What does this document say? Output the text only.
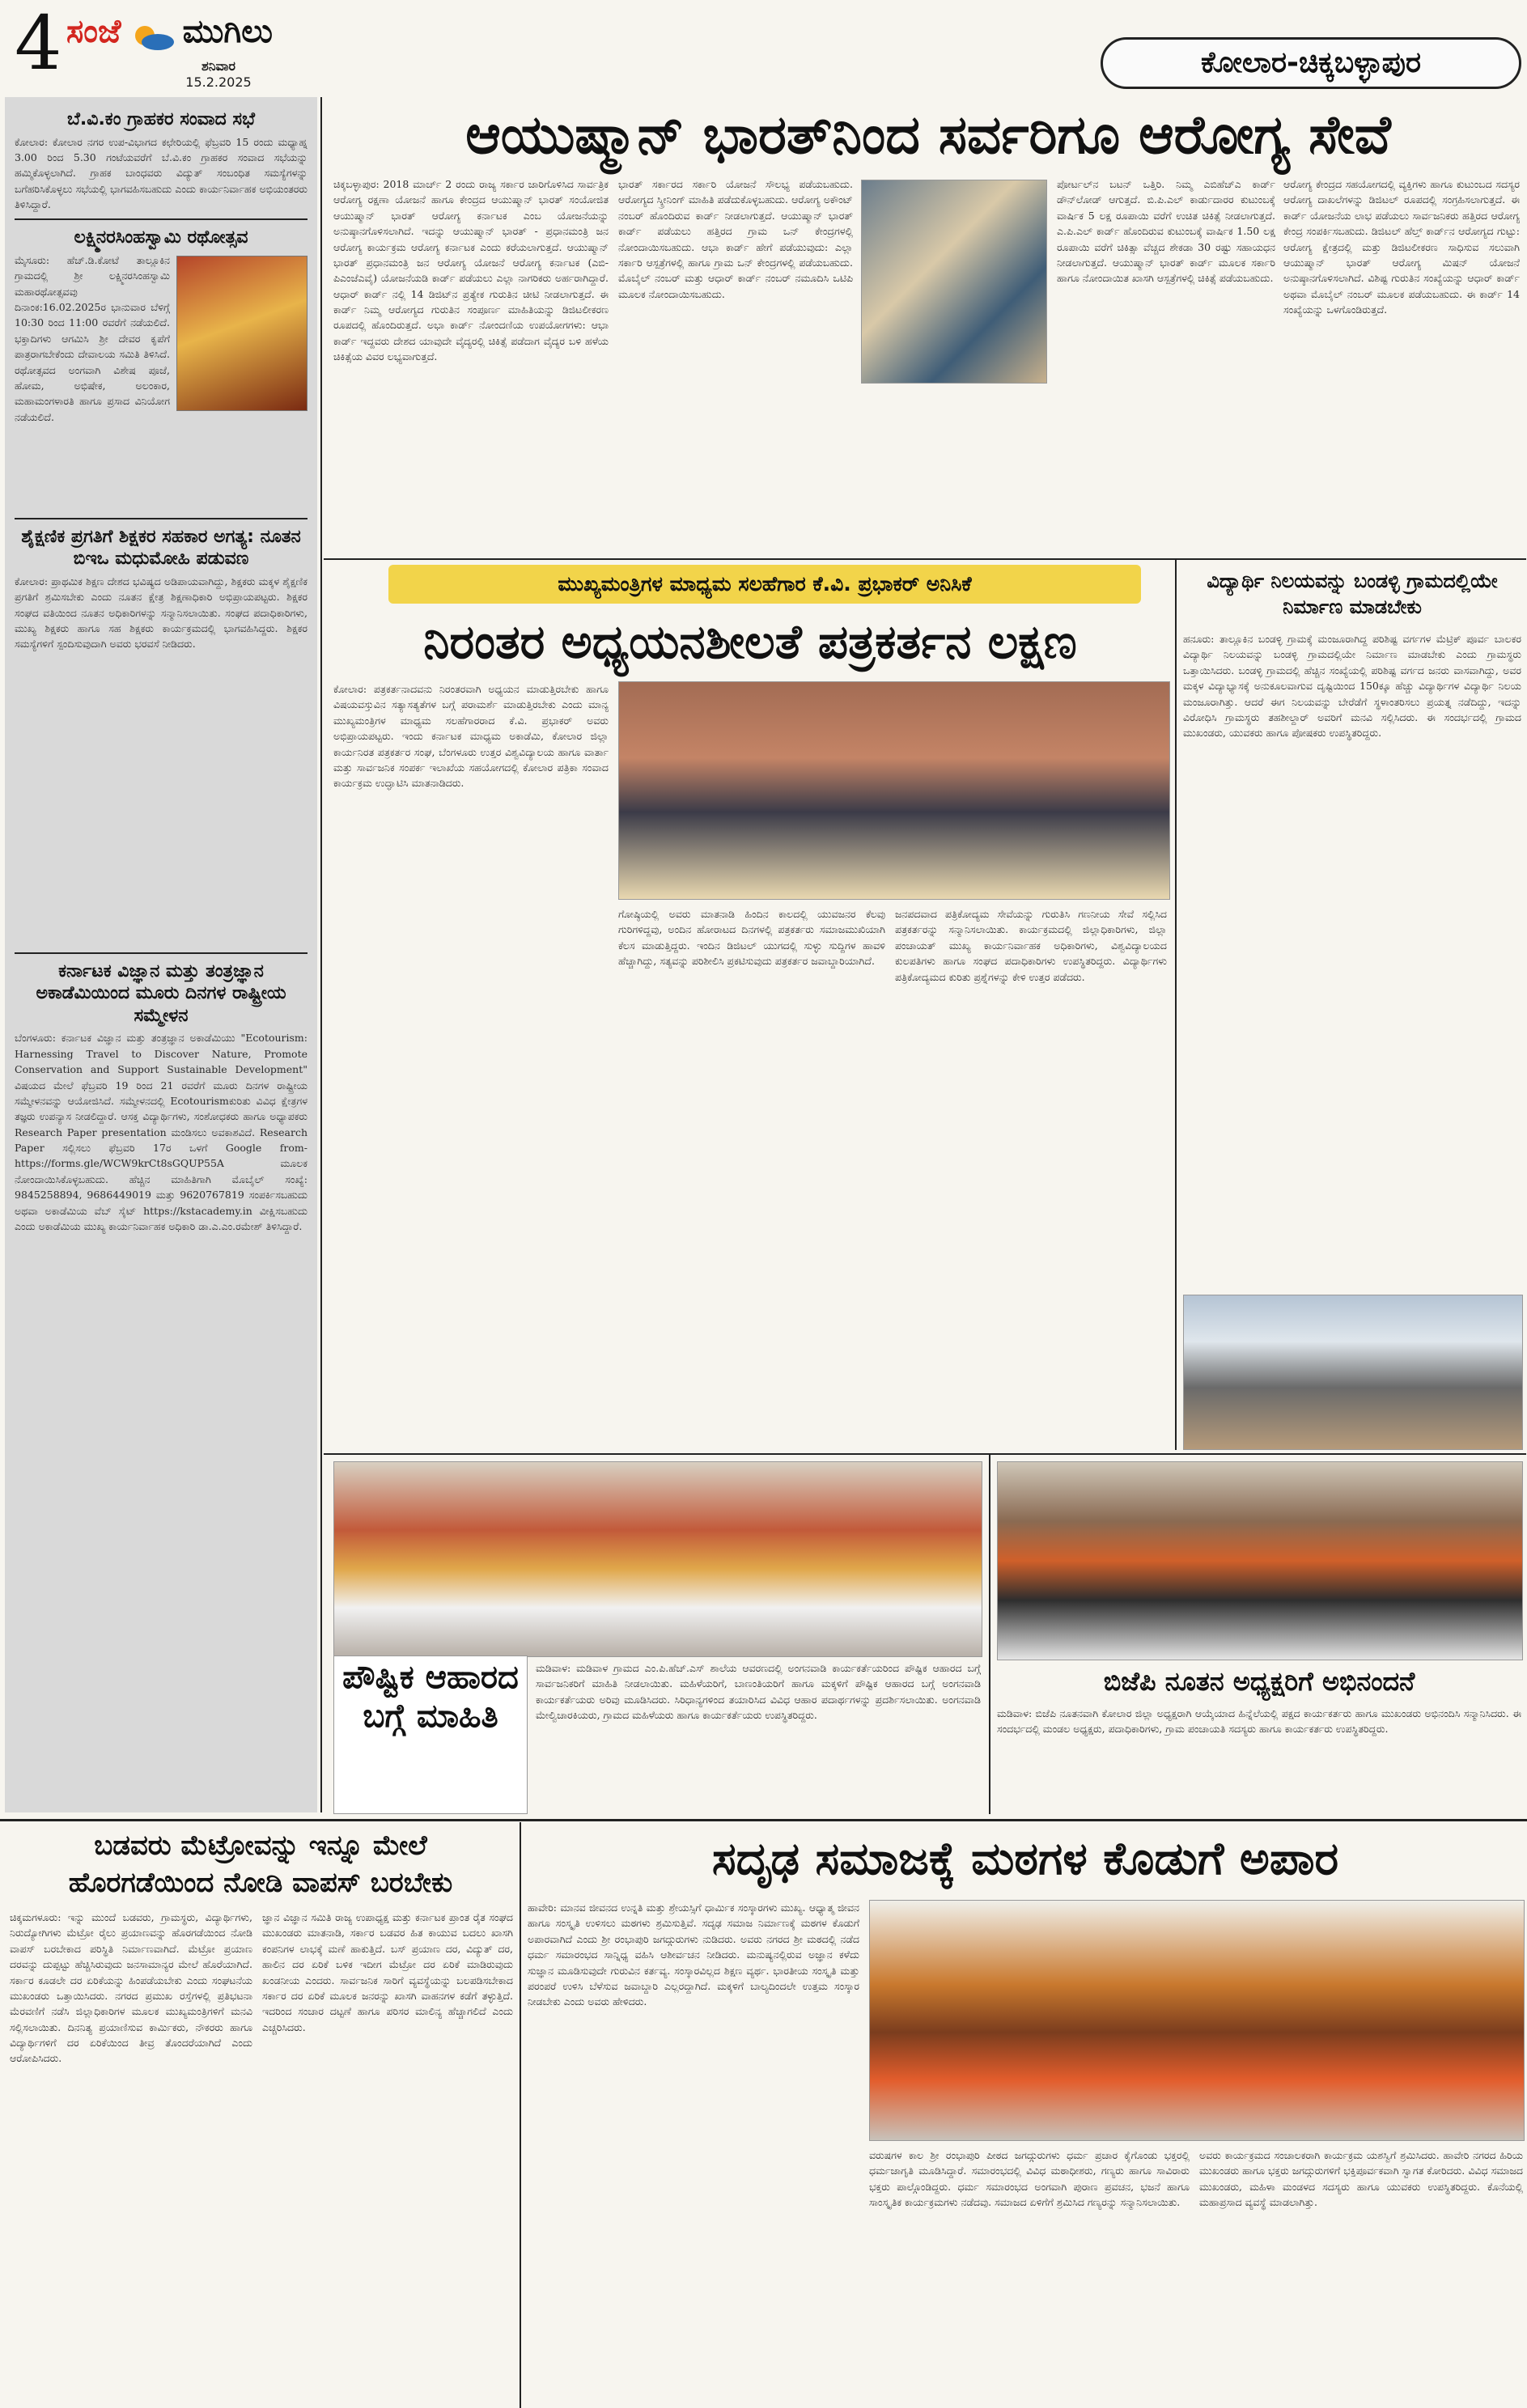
4 ಸಂಜೆ ಮುಗಿಲು
ಶನಿವಾರ
15.2.2025
ಕೋಲಾರ-ಚಿಕ್ಕಬಳ್ಳಾಪುರ
ಬೆ.ವಿ.ಕಂ ಗ್ರಾಹಕರ ಸಂವಾದ ಸಭೆ
ಕೋಲಾರ: ಕೋಲಾರ ನಗರ ಉಪ-ವಿಭಾಗದ ಕಛೇರಿಯಲ್ಲಿ ಫೆಬ್ರವರಿ 15 ರಂದು ಮಧ್ಯಾಹ್ನ 3.00 ರಿಂದ 5.30 ಗಂಟೆಯವರೆಗೆ ಬೆ.ವಿ.ಕಂ ಗ್ರಾಹಕರ ಸಂವಾದ ಸಭೆಯನ್ನು ಹಮ್ಮಿಕೊಳ್ಳಲಾಗಿದೆ. ಗ್ರಾಹಕ ಬಾಂಧವರು ವಿದ್ಯುತ್ ಸಂಬಂಧಿತ ಸಮಸ್ಯೆಗಳನ್ನು ಬಗೆಹರಿಸಿಕೊಳ್ಳಲು ಸಭೆಯಲ್ಲಿ ಭಾಗವಹಿಸಬಹುದು ಎಂದು ಕಾರ್ಯನಿರ್ವಾಹಕ ಅಭಿಯಂತರರು ತಿಳಿಸಿದ್ದಾರೆ.
ಲಕ್ಷ್ಮಿನರಸಿಂಹಸ್ವಾಮಿ ರಥೋತ್ಸವ
ಮೈಸೂರು: ಹೆಚ್.ಡಿ.ಕೋಟೆ ತಾಲ್ಲೂಕಿನ ಗ್ರಾಮದಲ್ಲಿ ಶ್ರೀ ಲಕ್ಷ್ಮಿನರಸಿಂಹಸ್ವಾಮಿ ಮಹಾರಥೋತ್ಸವವು ದಿನಾಂಕ:16.02.2025ರ ಭಾನುವಾರ ಬೆಳಿಗ್ಗೆ 10:30 ರಿಂದ 11:00 ರವರೆಗೆ ನಡೆಯಲಿದೆ. ಭಕ್ತಾದಿಗಳು ಆಗಮಿಸಿ ಶ್ರೀ ದೇವರ ಕೃಪೆಗೆ ಪಾತ್ರರಾಗಬೇಕೆಂದು ದೇವಾಲಯ ಸಮಿತಿ ತಿಳಿಸಿದೆ. ರಥೋತ್ಸವದ ಅಂಗವಾಗಿ ವಿಶೇಷ ಪೂಜೆ, ಹೋಮ, ಅಭಿಷೇಕ, ಅಲಂಕಾರ, ಮಹಾಮಂಗಳಾರತಿ ಹಾಗೂ ಪ್ರಸಾದ ವಿನಿಯೋಗ ನಡೆಯಲಿದೆ.
ಶೈಕ್ಷಣಿಕ ಪ್ರಗತಿಗೆ ಶಿಕ್ಷಕರ ಸಹಕಾರ ಅಗತ್ಯ: ನೂತನ ಬಿಇಒ ಮಧುಮೋಹಿ ಪಡುವಣ
ಕೋಲಾರ: ಪ್ರಾಥಮಿಕ ಶಿಕ್ಷಣ ದೇಶದ ಭವಿಷ್ಯದ ಅಡಿಪಾಯವಾಗಿದ್ದು, ಶಿಕ್ಷಕರು ಮಕ್ಕಳ ಶೈಕ್ಷಣಿಕ ಪ್ರಗತಿಗೆ ಶ್ರಮಿಸಬೇಕು ಎಂದು ನೂತನ ಕ್ಷೇತ್ರ ಶಿಕ್ಷಣಾಧಿಕಾರಿ ಅಭಿಪ್ರಾಯಪಟ್ಟರು. ಶಿಕ್ಷಕರ ಸಂಘದ ವತಿಯಿಂದ ನೂತನ ಅಧಿಕಾರಿಗಳನ್ನು ಸನ್ಮಾನಿಸಲಾಯಿತು. ಸಂಘದ ಪದಾಧಿಕಾರಿಗಳು, ಮುಖ್ಯ ಶಿಕ್ಷಕರು ಹಾಗೂ ಸಹ ಶಿಕ್ಷಕರು ಕಾರ್ಯಕ್ರಮದಲ್ಲಿ ಭಾಗವಹಿಸಿದ್ದರು. ಶಿಕ್ಷಕರ ಸಮಸ್ಯೆಗಳಿಗೆ ಸ್ಪಂದಿಸುವುದಾಗಿ ಅವರು ಭರವಸೆ ನೀಡಿದರು.
ಕರ್ನಾಟಕ ವಿಜ್ಞಾನ ಮತ್ತು ತಂತ್ರಜ್ಞಾನ ಅಕಾಡೆಮಿಯಿಂದ ಮೂರು ದಿನಗಳ ರಾಷ್ಟ್ರೀಯ ಸಮ್ಮೇಳನ
ಬೆಂಗಳೂರು: ಕರ್ನಾಟಕ ವಿಜ್ಞಾನ ಮತ್ತು ತಂತ್ರಜ್ಞಾನ ಅಕಾಡೆಮಿಯು "Ecotourism: Harnessing Travel to Discover Nature, Promote Conservation and Support Sustainable Development" ವಿಷಯದ ಮೇಲೆ ಫೆಬ್ರವರಿ 19 ರಿಂದ 21 ರವರೆಗೆ ಮೂರು ದಿನಗಳ ರಾಷ್ಟ್ರೀಯ ಸಮ್ಮೇಳನವನ್ನು ಆಯೋಜಿಸಿದೆ. ಸಮ್ಮೇಳನದಲ್ಲಿ Ecotourismಕುರಿತು ವಿವಿಧ ಕ್ಷೇತ್ರಗಳ ತಜ್ಞರು ಉಪನ್ಯಾಸ ನೀಡಲಿದ್ದಾರೆ. ಆಸಕ್ತ ವಿದ್ಯಾರ್ಥಿಗಳು, ಸಂಶೋಧಕರು ಹಾಗೂ ಅಧ್ಯಾಪಕರು Research Paper presentation ಮಂಡಿಸಲು ಅವಕಾಶವಿದೆ. Research Paper ಸಲ್ಲಿಸಲು ಫೆಬ್ರವರಿ 17ರ ಒಳಗೆ Google from- https://forms.gle/WCW9krCt8sGQUP55A ಮೂಲಕ ನೋಂದಾಯಿಸಿಕೊಳ್ಳಬಹುದು. ಹೆಚ್ಚಿನ ಮಾಹಿತಿಗಾಗಿ ಮೊಬೈಲ್ ಸಂಖ್ಯೆ: 9845258894, 9686449019 ಮತ್ತು 9620767819 ಸಂಪರ್ಕಿಸಬಹುದು ಅಥವಾ ಅಕಾಡೆಮಿಯ ವೆಬ್ ಸೈಟ್ https://kstacademy.in ವೀಕ್ಷಿಸಬಹುದು ಎಂದು ಅಕಾಡೆಮಿಯ ಮುಖ್ಯ ಕಾರ್ಯನಿರ್ವಾಹಕ ಅಧಿಕಾರಿ ಡಾ.ಎ.ಎಂ.ರಮೇಶ್ ತಿಳಿಸಿದ್ದಾರೆ.
ಆಯುಷ್ಮಾನ್ ಭಾರತ್‌ನಿಂದ ಸರ್ವರಿಗೂ ಆರೋಗ್ಯ ಸೇವೆ
ಚಿಕ್ಕಬಳ್ಳಾಪುರ: 2018 ಮಾರ್ಚ್ 2 ರಂದು ರಾಜ್ಯ ಸರ್ಕಾರ ಜಾರಿಗೊಳಿಸಿದ ಸಾರ್ವತ್ರಿಕ ಆರೋಗ್ಯ ರಕ್ಷಣಾ ಯೋಜನೆ ಹಾಗೂ ಕೇಂದ್ರದ ಆಯುಷ್ಮಾನ್ ಭಾರತ್ ಸಂಯೋಜಿತ ಆಯುಷ್ಮಾನ್ ಭಾರತ್ ಆರೋಗ್ಯ ಕರ್ನಾಟಕ ಎಂಬ ಯೋಜನೆಯನ್ನು ಅನುಷ್ಠಾನಗೊಳಿಸಲಾಗಿದೆ. ಇದನ್ನು ಆಯುಷ್ಮಾನ್ ಭಾರತ್ - ಪ್ರಧಾನಮಂತ್ರಿ ಜನ ಆರೋಗ್ಯ ಕಾರ್ಯಕ್ರಮ ಆರೋಗ್ಯ ಕರ್ನಾಟಕ ಎಂದು ಕರೆಯಲಾಗುತ್ತದೆ. ಆಯುಷ್ಮಾನ್ ಭಾರತ್ ಪ್ರಧಾನಮಂತ್ರಿ ಜನ ಆರೋಗ್ಯ ಯೋಜನೆ ಆರೋಗ್ಯ ಕರ್ನಾಟಕ (ಎಬಿ-ಪಿಎಂಜೆಎವೈ) ಯೋಜನೆಯಡಿ ಕಾರ್ಡ್ ಪಡೆಯಲು ಎಲ್ಲಾ ನಾಗರಿಕರು ಅರ್ಹರಾಗಿದ್ದಾರೆ. ಆಧಾರ್ ಕಾರ್ಡ್ ನಲ್ಲಿ 14 ಡಿಜಿಟ್‌ನ ಪ್ರತ್ಯೇಕ ಗುರುತಿನ ಚೀಟಿ ನೀಡಲಾಗುತ್ತದೆ. ಈ ಕಾರ್ಡ್ ನಿಮ್ಮ ಆರೋಗ್ಯದ ಗುರುತಿನ ಸಂಪೂರ್ಣ ಮಾಹಿತಿಯನ್ನು ಡಿಜಿಟಲೀಕರಣ ರೂಪದಲ್ಲಿ ಹೊಂದಿರುತ್ತದೆ. ಅಭಾ ಕಾರ್ಡ್ ನೋಂದಣಿಯ ಉಪಯೋಗಗಳು: ಆಭಾ ಕಾರ್ಡ್ ಇದ್ದವರು ದೇಶದ ಯಾವುದೇ ವೈದ್ಯರಲ್ಲಿ ಚಿಕಿತ್ಸೆ ಪಡೆದಾಗ ವೈದ್ಯರ ಬಳಿ ಹಳೆಯ ಚಿಕಿತ್ಸೆಯ ವಿವರ ಲಭ್ಯವಾಗುತ್ತದೆ.
ಭಾರತ್ ಸರ್ಕಾರದ ಸರ್ಕಾರಿ ಯೋಜನೆ ಸೌಲಭ್ಯ ಪಡೆಯಬಹುದು. ಆರೋಗ್ಯದ ಸ್ಕ್ರೀನಿಂಗ್ ಮಾಹಿತಿ ಪಡೆದುಕೊಳ್ಳಬಹುದು. ಆರೋಗ್ಯ ಅಕೌಂಟ್ ನಂಬರ್ ಹೊಂದಿರುವ ಕಾರ್ಡ್ ನೀಡಲಾಗುತ್ತದೆ. ಆಯುಷ್ಮಾನ್ ಭಾರತ್ ಕಾರ್ಡ್ ಪಡೆಯಲು ಹತ್ತಿರದ ಗ್ರಾಮ ಒನ್ ಕೇಂದ್ರಗಳಲ್ಲಿ ನೋಂದಾಯಿಸಬಹುದು. ಆಭಾ ಕಾರ್ಡ್ ಹೇಗೆ ಪಡೆಯುವುದು: ಎಲ್ಲಾ ಸರ್ಕಾರಿ ಆಸ್ಪತ್ರೆಗಳಲ್ಲಿ ಹಾಗೂ ಗ್ರಾಮ ಒನ್ ಕೇಂದ್ರಗಳಲ್ಲಿ ಪಡೆಯಬಹುದು. ಮೊಬೈಲ್ ನಂಬರ್ ಮತ್ತು ಆಧಾರ್ ಕಾರ್ಡ್ ನಂಬರ್ ನಮೂದಿಸಿ ಒಟಿಪಿ ಮೂಲಕ ನೋಂದಾಯಿಸಬಹುದು.
ಪೋರ್ಟಲ್‌ನ ಬಟನ್ ಒತ್ತಿರಿ. ನಿಮ್ಮ ಎಬಿಹೆಚ್ಎ ಕಾರ್ಡ್ ಡೌನ್‌ಲೋಡ್ ಆಗುತ್ತದೆ. ಬಿ.ಪಿ.ಎಲ್ ಕಾರ್ಡುದಾರರ ಕುಟುಂಬಕ್ಕೆ ವಾರ್ಷಿಕ 5 ಲಕ್ಷ ರೂಪಾಯಿ ವರೆಗೆ ಉಚಿತ ಚಿಕಿತ್ಸೆ ನೀಡಲಾಗುತ್ತದೆ. ಎ.ಪಿ.ಎಲ್ ಕಾರ್ಡ್ ಹೊಂದಿರುವ ಕುಟುಂಬಕ್ಕೆ ವಾರ್ಷಿಕ 1.50 ಲಕ್ಷ ರೂಪಾಯಿ ವರೆಗೆ ಚಿಕಿತ್ಸಾ ವೆಚ್ಚದ ಶೇಕಡಾ 30 ರಷ್ಟು ಸಹಾಯಧನ ನೀಡಲಾಗುತ್ತದೆ. ಆಯುಷ್ಮಾನ್ ಭಾರತ್ ಕಾರ್ಡ್ ಮೂಲಕ ಸರ್ಕಾರಿ ಹಾಗೂ ನೋಂದಾಯಿತ ಖಾಸಗಿ ಆಸ್ಪತ್ರೆಗಳಲ್ಲಿ ಚಿಕಿತ್ಸೆ ಪಡೆಯಬಹುದು.
ಆರೋಗ್ಯ ಕೇಂದ್ರದ ಸಹಯೋಗದಲ್ಲಿ ವ್ಯಕ್ತಿಗಳು ಹಾಗೂ ಕುಟುಂಬದ ಸದಸ್ಯರ ಆರೋಗ್ಯ ದಾಖಲೆಗಳನ್ನು ಡಿಜಿಟಲ್ ರೂಪದಲ್ಲಿ ಸಂಗ್ರಹಿಸಲಾಗುತ್ತದೆ. ಈ ಕಾರ್ಡ್ ಯೋಜನೆಯ ಲಾಭ ಪಡೆಯಲು ಸಾರ್ವಜನಿಕರು ಹತ್ತಿರದ ಆರೋಗ್ಯ ಕೇಂದ್ರ ಸಂಪರ್ಕಿಸಬಹುದು. ಡಿಜಿಟಲ್ ಹೆಲ್ತ್ ಕಾರ್ಡ್‌ನ ಆರೋಗ್ಯದ ಗುಟ್ಟು: ಆರೋಗ್ಯ ಕ್ಷೇತ್ರದಲ್ಲಿ ಮತ್ತು ಡಿಜಿಟಲೀಕರಣ ಸಾಧಿಸುವ ಸಲುವಾಗಿ ಆಯುಷ್ಮಾನ್ ಭಾರತ್ ಆರೋಗ್ಯ ಮಿಷನ್ ಯೋಜನೆ ಅನುಷ್ಠಾನಗೊಳಿಸಲಾಗಿದೆ. ವಿಶಿಷ್ಟ ಗುರುತಿನ ಸಂಖ್ಯೆಯನ್ನು ಆಧಾರ್ ಕಾರ್ಡ್ ಅಥವಾ ಮೊಬೈಲ್ ನಂಬರ್ ಮೂಲಕ ಪಡೆಯಬಹುದು. ಈ ಕಾರ್ಡ್ 14 ಸಂಖ್ಯೆಯನ್ನು ಒಳಗೊಂಡಿರುತ್ತದೆ.
ಮುಖ್ಯಮಂತ್ರಿಗಳ ಮಾಧ್ಯಮ ಸಲಹೆಗಾರ ಕೆ.ವಿ. ಪ್ರಭಾಕರ್ ಅನಿಸಿಕೆ
ನಿರಂತರ ಅಧ್ಯಯನಶೀಲತೆ ಪತ್ರಕರ್ತನ ಲಕ್ಷಣ
ಕೋಲಾರ: ಪತ್ರಕರ್ತನಾದವನು ನಿರಂತರವಾಗಿ ಅಧ್ಯಯನ ಮಾಡುತ್ತಿರಬೇಕು ಹಾಗೂ ವಿಷಯವಸ್ತುವಿನ ಸತ್ಯಾಸತ್ಯತೆಗಳ ಬಗ್ಗೆ ಪರಾಮರ್ಶೆ ಮಾಡುತ್ತಿರಬೇಕು ಎಂದು ಮಾನ್ಯ ಮುಖ್ಯಮಂತ್ರಿಗಳ ಮಾಧ್ಯಮ ಸಲಹೆಗಾರರಾದ ಕೆ.ವಿ. ಪ್ರಭಾಕರ್ ಅವರು ಅಭಿಪ್ರಾಯಪಟ್ಟರು. ಇಂದು ಕರ್ನಾಟಕ ಮಾಧ್ಯಮ ಅಕಾಡೆಮಿ, ಕೋಲಾರ ಜಿಲ್ಲಾ ಕಾರ್ಯನಿರತ ಪತ್ರಕರ್ತರ ಸಂಘ, ಬೆಂಗಳೂರು ಉತ್ತರ ವಿಶ್ವವಿದ್ಯಾಲಯ ಹಾಗೂ ವಾರ್ತಾ ಮತ್ತು ಸಾರ್ವಜನಿಕ ಸಂಪರ್ಕ ಇಲಾಖೆಯ ಸಹಯೋಗದಲ್ಲಿ ಕೋಲಾರ ಪತ್ರಿಕಾ ಸಂವಾದ ಕಾರ್ಯಕ್ರಮ ಉದ್ಘಾಟಿಸಿ ಮಾತನಾಡಿದರು.
ಗೋಷ್ಠಿಯಲ್ಲಿ ಅವರು ಮಾತನಾಡಿ ಹಿಂದಿನ ಕಾಲದಲ್ಲಿ ಯುವಜನರ ಕೆಲವು ಗುರಿಗಳಿದ್ದವು, ಅಂದಿನ ಹೋರಾಟದ ದಿನಗಳಲ್ಲಿ ಪತ್ರಕರ್ತರು ಸಮಾಜಮುಖಿಯಾಗಿ ಕೆಲಸ ಮಾಡುತ್ತಿದ್ದರು. ಇಂದಿನ ಡಿಜಿಟಲ್ ಯುಗದಲ್ಲಿ ಸುಳ್ಳು ಸುದ್ದಿಗಳ ಹಾವಳಿ ಹೆಚ್ಚಾಗಿದ್ದು, ಸತ್ಯವನ್ನು ಪರಿಶೀಲಿಸಿ ಪ್ರಕಟಿಸುವುದು ಪತ್ರಕರ್ತರ ಜವಾಬ್ದಾರಿಯಾಗಿದೆ.
ಜನಪದವಾದ ಪತ್ರಿಕೋದ್ಯಮ ಸೇವೆಯನ್ನು ಗುರುತಿಸಿ ಗಣನೀಯ ಸೇವೆ ಸಲ್ಲಿಸಿದ ಪತ್ರಕರ್ತರನ್ನು ಸನ್ಮಾನಿಸಲಾಯಿತು. ಕಾರ್ಯಕ್ರಮದಲ್ಲಿ ಜಿಲ್ಲಾಧಿಕಾರಿಗಳು, ಜಿಲ್ಲಾ ಪಂಚಾಯತ್ ಮುಖ್ಯ ಕಾರ್ಯನಿರ್ವಾಹಕ ಅಧಿಕಾರಿಗಳು, ವಿಶ್ವವಿದ್ಯಾಲಯದ ಕುಲಪತಿಗಳು ಹಾಗೂ ಸಂಘದ ಪದಾಧಿಕಾರಿಗಳು ಉಪಸ್ಥಿತರಿದ್ದರು. ವಿದ್ಯಾರ್ಥಿಗಳು ಪತ್ರಿಕೋದ್ಯಮದ ಕುರಿತು ಪ್ರಶ್ನೆಗಳನ್ನು ಕೇಳಿ ಉತ್ತರ ಪಡೆದರು.
ವಿದ್ಯಾರ್ಥಿ ನಿಲಯವನ್ನು ಬಂಡಳ್ಳಿ ಗ್ರಾಮದಲ್ಲಿಯೇ ನಿರ್ಮಾಣ ಮಾಡಬೇಕು
ಹನೂರು: ತಾಲ್ಲೂಕಿನ ಬಂಡಳ್ಳಿ ಗ್ರಾಮಕ್ಕೆ ಮಂಜೂರಾಗಿದ್ದ ಪರಿಶಿಷ್ಟ ವರ್ಗಗಳ ಮೆಟ್ರಿಕ್ ಪೂರ್ವ ಬಾಲಕರ ವಿದ್ಯಾರ್ಥಿ ನಿಲಯವನ್ನು ಬಂಡಳ್ಳಿ ಗ್ರಾಮದಲ್ಲಿಯೇ ನಿರ್ಮಾಣ ಮಾಡಬೇಕು ಎಂದು ಗ್ರಾಮಸ್ಥರು ಒತ್ತಾಯಿಸಿದರು. ಬಂಡಳ್ಳಿ ಗ್ರಾಮದಲ್ಲಿ ಹೆಚ್ಚಿನ ಸಂಖ್ಯೆಯಲ್ಲಿ ಪರಿಶಿಷ್ಟ ವರ್ಗದ ಜನರು ವಾಸವಾಗಿದ್ದು, ಅವರ ಮಕ್ಕಳ ವಿದ್ಯಾಭ್ಯಾಸಕ್ಕೆ ಅನುಕೂಲವಾಗುವ ದೃಷ್ಟಿಯಿಂದ 150ಕ್ಕೂ ಹೆಚ್ಚು ವಿದ್ಯಾರ್ಥಿಗಳ ವಿದ್ಯಾರ್ಥಿ ನಿಲಯ ಮಂಜೂರಾಗಿತ್ತು. ಆದರೆ ಈಗ ನಿಲಯವನ್ನು ಬೇರೆಡೆಗೆ ಸ್ಥಳಾಂತರಿಸಲು ಪ್ರಯತ್ನ ನಡೆದಿದ್ದು, ಇದನ್ನು ವಿರೋಧಿಸಿ ಗ್ರಾಮಸ್ಥರು ತಹಶೀಲ್ದಾರ್ ಅವರಿಗೆ ಮನವಿ ಸಲ್ಲಿಸಿದರು. ಈ ಸಂದರ್ಭದಲ್ಲಿ ಗ್ರಾಮದ ಮುಖಂಡರು, ಯುವಕರು ಹಾಗೂ ಪೋಷಕರು ಉಪಸ್ಥಿತರಿದ್ದರು.
ಪೌಷ್ಟಿಕ ಆಹಾರದ ಬಗ್ಗೆ ಮಾಹಿತಿ
ಮಡಿವಾಳ: ಮಡಿವಾಳ ಗ್ರಾಮದ ಎಂ.ಪಿ.ಹೆಚ್.ಎಸ್ ಶಾಲೆಯ ಆವರಣದಲ್ಲಿ ಅಂಗನವಾಡಿ ಕಾರ್ಯಕರ್ತೆಯರಿಂದ ಪೌಷ್ಟಿಕ ಆಹಾರದ ಬಗ್ಗೆ ಸಾರ್ವಜನಿಕರಿಗೆ ಮಾಹಿತಿ ನೀಡಲಾಯಿತು. ಮಹಿಳೆಯರಿಗೆ, ಬಾಣಂತಿಯರಿಗೆ ಹಾಗೂ ಮಕ್ಕಳಿಗೆ ಪೌಷ್ಟಿಕ ಆಹಾರದ ಬಗ್ಗೆ ಅಂಗನವಾಡಿ ಕಾರ್ಯಕರ್ತೆಯರು ಅರಿವು ಮೂಡಿಸಿದರು. ಸಿರಿಧಾನ್ಯಗಳಿಂದ ತಯಾರಿಸಿದ ವಿವಿಧ ಆಹಾರ ಪದಾರ್ಥಗಳನ್ನು ಪ್ರದರ್ಶಿಸಲಾಯಿತು. ಅಂಗನವಾಡಿ ಮೇಲ್ವಿಚಾರಕಿಯರು, ಗ್ರಾಮದ ಮಹಿಳೆಯರು ಹಾಗೂ ಕಾರ್ಯಕರ್ತೆಯರು ಉಪಸ್ಥಿತರಿದ್ದರು.
ಬಿಜೆಪಿ ನೂತನ ಅಧ್ಯಕ್ಷರಿಗೆ ಅಭಿನಂದನೆ
ಮಡಿವಾಳ: ಬಿಜೆಪಿ ನೂತನವಾಗಿ ಕೋಲಾರ ಜಿಲ್ಲಾ ಅಧ್ಯಕ್ಷರಾಗಿ ಆಯ್ಕೆಯಾದ ಹಿನ್ನೆಲೆಯಲ್ಲಿ ಪಕ್ಷದ ಕಾರ್ಯಕರ್ತರು ಹಾಗೂ ಮುಖಂಡರು ಅಭಿನಂದಿಸಿ ಸನ್ಮಾನಿಸಿದರು. ಈ ಸಂದರ್ಭದಲ್ಲಿ ಮಂಡಲ ಅಧ್ಯಕ್ಷರು, ಪದಾಧಿಕಾರಿಗಳು, ಗ್ರಾಮ ಪಂಚಾಯತಿ ಸದಸ್ಯರು ಹಾಗೂ ಕಾರ್ಯಕರ್ತರು ಉಪಸ್ಥಿತರಿದ್ದರು.
ಬಡವರು ಮೆಟ್ರೋವನ್ನು ಇನ್ನೂ ಮೇಲೆ
ಹೊರಗಡೆಯಿಂದ ನೋಡಿ ವಾಪಸ್ ಬರಬೇಕು
ಚಿಕ್ಕಮಗಳೂರು: ಇನ್ನು ಮುಂದೆ ಬಡವರು, ಗ್ರಾಮಸ್ಥರು, ವಿದ್ಯಾರ್ಥಿಗಳು, ನಿರುದ್ಯೋಗಿಗಳು ಮೆಟ್ರೋ ರೈಲು ಪ್ರಯಾಣವನ್ನು ಹೊರಗಡೆಯಿಂದ ನೋಡಿ ವಾಪಸ್ ಬರಬೇಕಾದ ಪರಿಸ್ಥಿತಿ ನಿರ್ಮಾಣವಾಗಿದೆ. ಮೆಟ್ರೋ ಪ್ರಯಾಣ ದರವನ್ನು ದುಪ್ಪಟ್ಟು ಹೆಚ್ಚಿಸಿರುವುದು ಜನಸಾಮಾನ್ಯರ ಮೇಲೆ ಹೊರೆಯಾಗಿದೆ. ಸರ್ಕಾರ ಕೂಡಲೇ ದರ ಏರಿಕೆಯನ್ನು ಹಿಂಪಡೆಯಬೇಕು ಎಂದು ಸಂಘಟನೆಯ ಮುಖಂಡರು ಒತ್ತಾಯಿಸಿದರು. ನಗರದ ಪ್ರಮುಖ ರಸ್ತೆಗಳಲ್ಲಿ ಪ್ರತಿಭಟನಾ ಮೆರವಣಿಗೆ ನಡೆಸಿ ಜಿಲ್ಲಾಧಿಕಾರಿಗಳ ಮೂಲಕ ಮುಖ್ಯಮಂತ್ರಿಗಳಿಗೆ ಮನವಿ ಸಲ್ಲಿಸಲಾಯಿತು. ದಿನನಿತ್ಯ ಪ್ರಯಾಣಿಸುವ ಕಾರ್ಮಿಕರು, ನೌಕರರು ಹಾಗೂ ವಿದ್ಯಾರ್ಥಿಗಳಿಗೆ ದರ ಏರಿಕೆಯಿಂದ ತೀವ್ರ ತೊಂದರೆಯಾಗಿದೆ ಎಂದು ಆರೋಪಿಸಿದರು.
ಜ್ಞಾನ ವಿಜ್ಞಾನ ಸಮಿತಿ ರಾಜ್ಯ ಉಪಾಧ್ಯಕ್ಷ ಮತ್ತು ಕರ್ನಾಟಕ ಪ್ರಾಂತ ರೈತ ಸಂಘದ ಮುಖಂಡರು ಮಾತನಾಡಿ, ಸರ್ಕಾರ ಬಡವರ ಹಿತ ಕಾಯುವ ಬದಲು ಖಾಸಗಿ ಕಂಪನಿಗಳ ಲಾಭಕ್ಕೆ ಮಣೆ ಹಾಕುತ್ತಿದೆ. ಬಸ್ ಪ್ರಯಾಣ ದರ, ವಿದ್ಯುತ್ ದರ, ಹಾಲಿನ ದರ ಏರಿಕೆ ಬಳಿಕ ಇದೀಗ ಮೆಟ್ರೋ ದರ ಏರಿಕೆ ಮಾಡಿರುವುದು ಖಂಡನೀಯ ಎಂದರು. ಸಾರ್ವಜನಿಕ ಸಾರಿಗೆ ವ್ಯವಸ್ಥೆಯನ್ನು ಬಲಪಡಿಸಬೇಕಾದ ಸರ್ಕಾರ ದರ ಏರಿಕೆ ಮೂಲಕ ಜನರನ್ನು ಖಾಸಗಿ ವಾಹನಗಳ ಕಡೆಗೆ ತಳ್ಳುತ್ತಿದೆ. ಇದರಿಂದ ಸಂಚಾರ ದಟ್ಟಣೆ ಹಾಗೂ ಪರಿಸರ ಮಾಲಿನ್ಯ ಹೆಚ್ಚಾಗಲಿದೆ ಎಂದು ಎಚ್ಚರಿಸಿದರು.
ಸದೃಢ ಸಮಾಜಕ್ಕೆ ಮಠಗಳ ಕೊಡುಗೆ ಅಪಾರ
ಹಾವೇರಿ: ಮಾನವ ಜೀವನದ ಉನ್ನತಿ ಮತ್ತು ಶ್ರೇಯಸ್ಸಿಗೆ ಧಾರ್ಮಿಕ ಸಂಸ್ಕಾರಗಳು ಮುಖ್ಯ. ಆಧ್ಯಾತ್ಮ ಜೀವನ ಹಾಗೂ ಸಂಸ್ಕೃತಿ ಉಳಿಸಲು ಮಠಗಳು ಶ್ರಮಿಸುತ್ತಿವೆ. ಸದೃಢ ಸಮಾಜ ನಿರ್ಮಾಣಕ್ಕೆ ಮಠಗಳ ಕೊಡುಗೆ ಅಪಾರವಾಗಿದೆ ಎಂದು ಶ್ರೀ ರಂಭಾಪುರಿ ಜಗದ್ಗುರುಗಳು ನುಡಿದರು. ಅವರು ನಗರದ ಶ್ರೀ ಮಠದಲ್ಲಿ ನಡೆದ ಧರ್ಮ ಸಮಾರಂಭದ ಸಾನ್ನಿಧ್ಯ ವಹಿಸಿ ಆಶೀರ್ವಚನ ನೀಡಿದರು. ಮನುಷ್ಯನಲ್ಲಿರುವ ಅಜ್ಞಾನ ಕಳೆದು ಸುಜ್ಞಾನ ಮೂಡಿಸುವುದೇ ಗುರುವಿನ ಕರ್ತವ್ಯ. ಸಂಸ್ಕಾರವಿಲ್ಲದ ಶಿಕ್ಷಣ ವ್ಯರ್ಥ. ಭಾರತೀಯ ಸಂಸ್ಕೃತಿ ಮತ್ತು ಪರಂಪರೆ ಉಳಿಸಿ ಬೆಳೆಸುವ ಜವಾಬ್ದಾರಿ ಎಲ್ಲರದ್ದಾಗಿದೆ. ಮಕ್ಕಳಿಗೆ ಬಾಲ್ಯದಿಂದಲೇ ಉತ್ತಮ ಸಂಸ್ಕಾರ ನೀಡಬೇಕು ಎಂದು ಅವರು ಹೇಳಿದರು.
ವರುಷಗಳ ಕಾಲ ಶ್ರೀ ರಂಭಾಪುರಿ ಪೀಠದ ಜಗದ್ಗುರುಗಳು ಧರ್ಮ ಪ್ರಚಾರ ಕೈಗೊಂಡು ಭಕ್ತರಲ್ಲಿ ಧರ್ಮಜಾಗೃತಿ ಮೂಡಿಸಿದ್ದಾರೆ. ಸಮಾರಂಭದಲ್ಲಿ ವಿವಿಧ ಮಠಾಧೀಶರು, ಗಣ್ಯರು ಹಾಗೂ ಸಾವಿರಾರು ಭಕ್ತರು ಪಾಲ್ಗೊಂಡಿದ್ದರು. ಧರ್ಮ ಸಮಾರಂಭದ ಅಂಗವಾಗಿ ಪುರಾಣ ಪ್ರವಚನ, ಭಜನೆ ಹಾಗೂ ಸಾಂಸ್ಕೃತಿಕ ಕಾರ್ಯಕ್ರಮಗಳು ನಡೆದವು. ಸಮಾಜದ ಏಳಿಗೆಗೆ ಶ್ರಮಿಸಿದ ಗಣ್ಯರನ್ನು ಸನ್ಮಾನಿಸಲಾಯಿತು.
ಅವರು ಕಾರ್ಯಕ್ರಮದ ಸಂಚಾಲಕರಾಗಿ ಕಾರ್ಯಕ್ರಮ ಯಶಸ್ವಿಗೆ ಶ್ರಮಿಸಿದರು. ಹಾವೇರಿ ನಗರದ ಹಿರಿಯ ಮುಖಂಡರು ಹಾಗೂ ಭಕ್ತರು ಜಗದ್ಗುರುಗಳಿಗೆ ಭಕ್ತಿಪೂರ್ವಕವಾಗಿ ಸ್ವಾಗತ ಕೋರಿದರು. ವಿವಿಧ ಸಮಾಜದ ಮುಖಂಡರು, ಮಹಿಳಾ ಮಂಡಳದ ಸದಸ್ಯರು ಹಾಗೂ ಯುವಕರು ಉಪಸ್ಥಿತರಿದ್ದರು. ಕೊನೆಯಲ್ಲಿ ಮಹಾಪ್ರಸಾದ ವ್ಯವಸ್ಥೆ ಮಾಡಲಾಗಿತ್ತು.
